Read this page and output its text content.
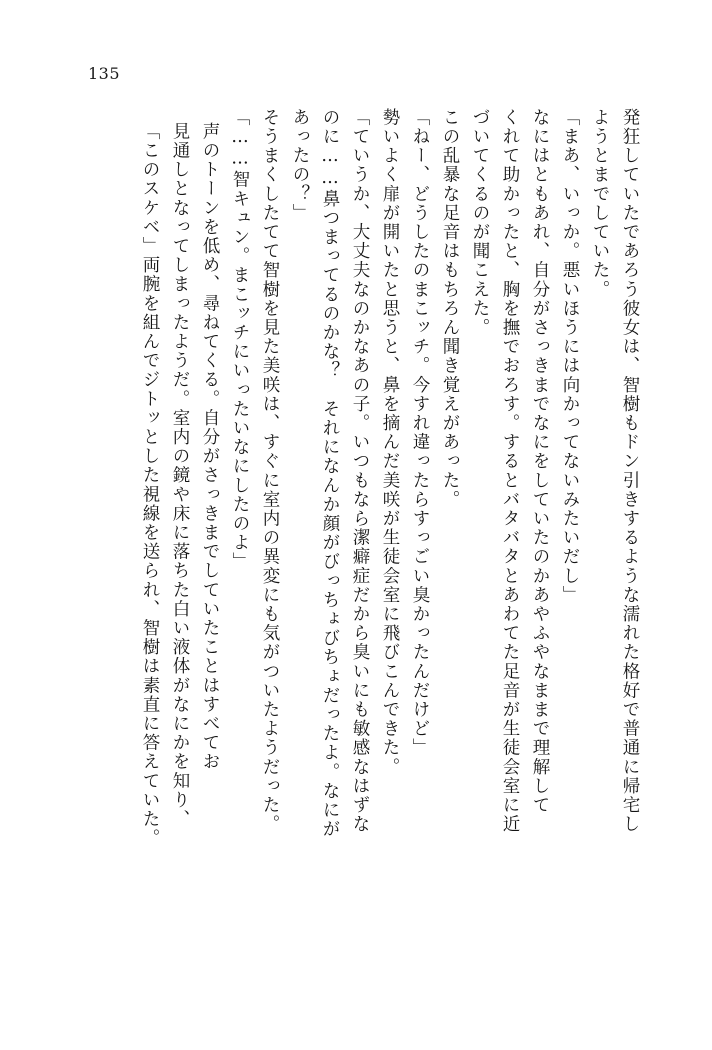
135
発狂していたであろう彼女は、智樹もドン引きするような濡れた格好で普通に帰宅し
ようとまでしていた。
「まあ、いっか。悪いほうには向かってないみたいだし」
なにはともあれ、自分がさっきまでなにをしていたのかあやふやなままで理解して
くれて助かったと、胸を撫でおろす。するとバタバタとあわてた足音が生徒会室に近
づいてくるのが聞こえた。
この乱暴な足音はもちろん聞き覚えがあった。
「ねー、どうしたのまこッチ。今すれ違ったらすっごい臭かったんだけど」
勢いよく扉が開いたと思うと、鼻を摘んだ美咲が生徒会室に飛びこんできた。
「ていうか、大丈夫なのかなあの子。いつもなら潔癖症だから臭いにも敏感なはずな
のに……鼻つまってるのかな？　それになんか顔がびっちょびちょだったよ。なにが
あったの？」
そうまくしたてて智樹を見た美咲は、すぐに室内の異変にも気がついたようだった。
「……智キュン。まこッチにいったいなにしたのよ」
声のトーンを低め、尋ねてくる。自分がさっきまでしていたことはすべてお
見通しとなってしまったようだ。室内の鏡や床に落ちた白い液体がなにかを知り、
「このスケベ」両腕を組んでジトッとした視線を送られ、智樹は素直に答えていた。
